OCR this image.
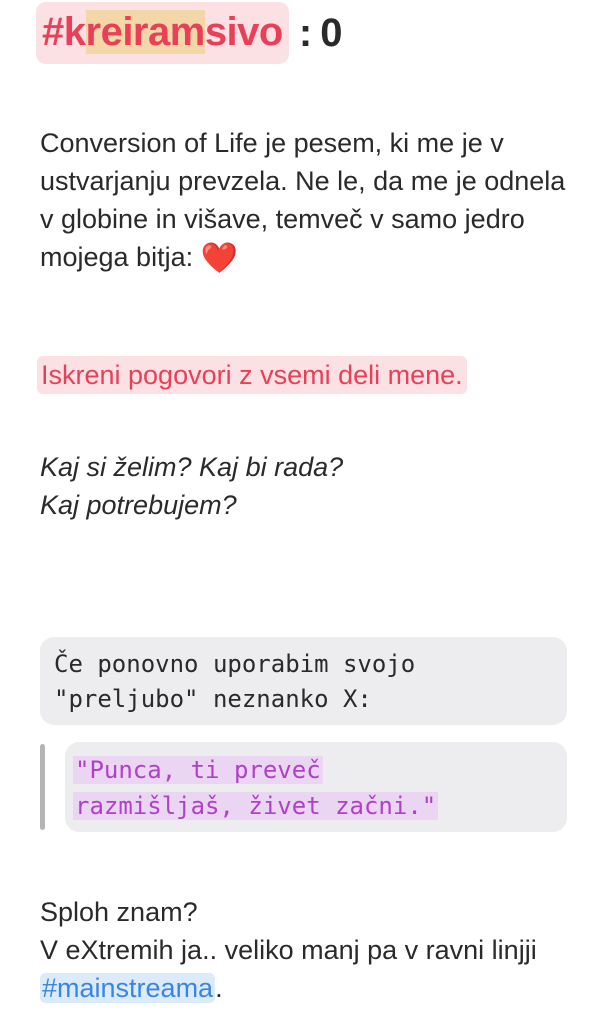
#kreiramsivo : 0
Conversion of Life je pesem, ki me je v ustvarjanju prevzela. Ne le, da me je odnela v globine in višave, temveč v samo jedro mojega bitja: ❤️
Iskreni pogovori z vsemi deli mene.
Kaj si želim? Kaj bi rada?
Kaj potrebujem?
Če ponovno uporabim svojo
"preljubo" neznanko X:
"Punca, ti preveč
razmišljaš, živet začni."
Sploh znam?
V eXtremih ja.. veliko manj pa v ravni linjji #mainstreama.
